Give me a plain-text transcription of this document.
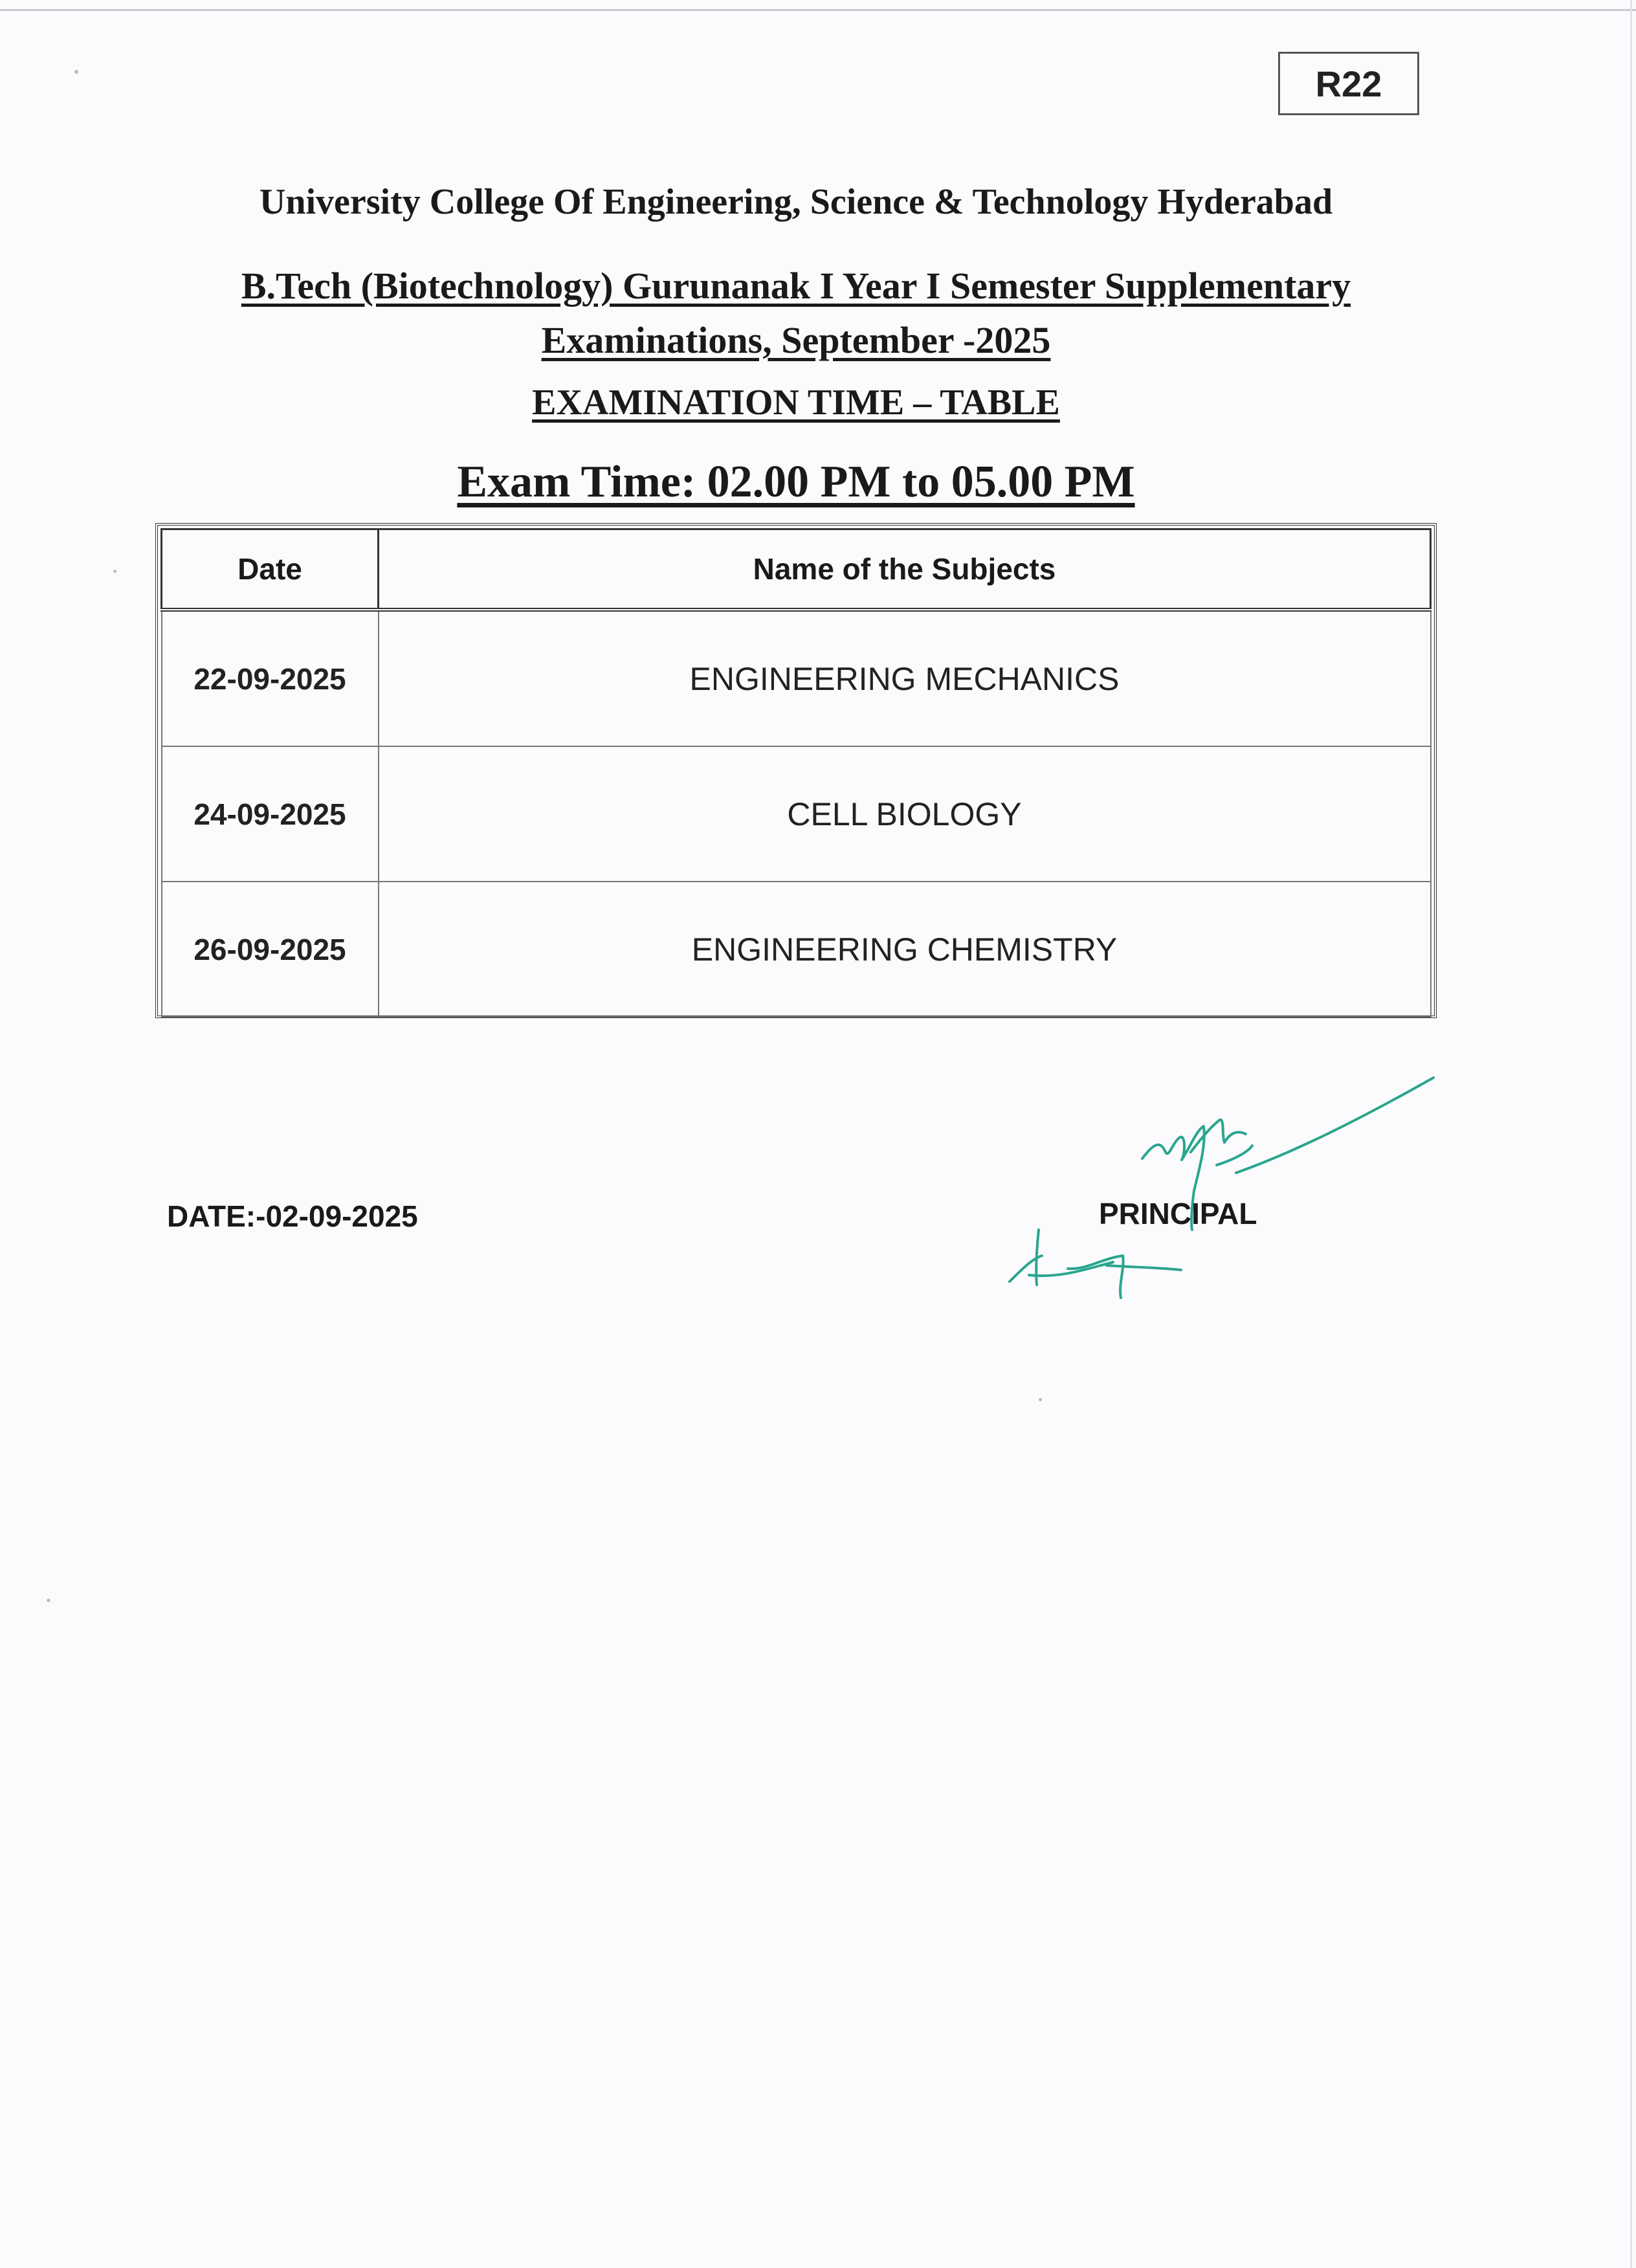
R22
University College Of Engineering, Science & Technology Hyderabad
B.Tech (Biotechnology) Gurunanak I Year I Semester Supplementary
Examinations, September -2025
EXAMINATION TIME – TABLE
Exam Time: 02.00 PM to 05.00 PM
Date	Name of the Subjects
22-09-2025	ENGINEERING MECHANICS
24-09-2025	CELL BIOLOGY
26-09-2025	ENGINEERING CHEMISTRY
DATE:-02-09-2025	PRINCIPAL
